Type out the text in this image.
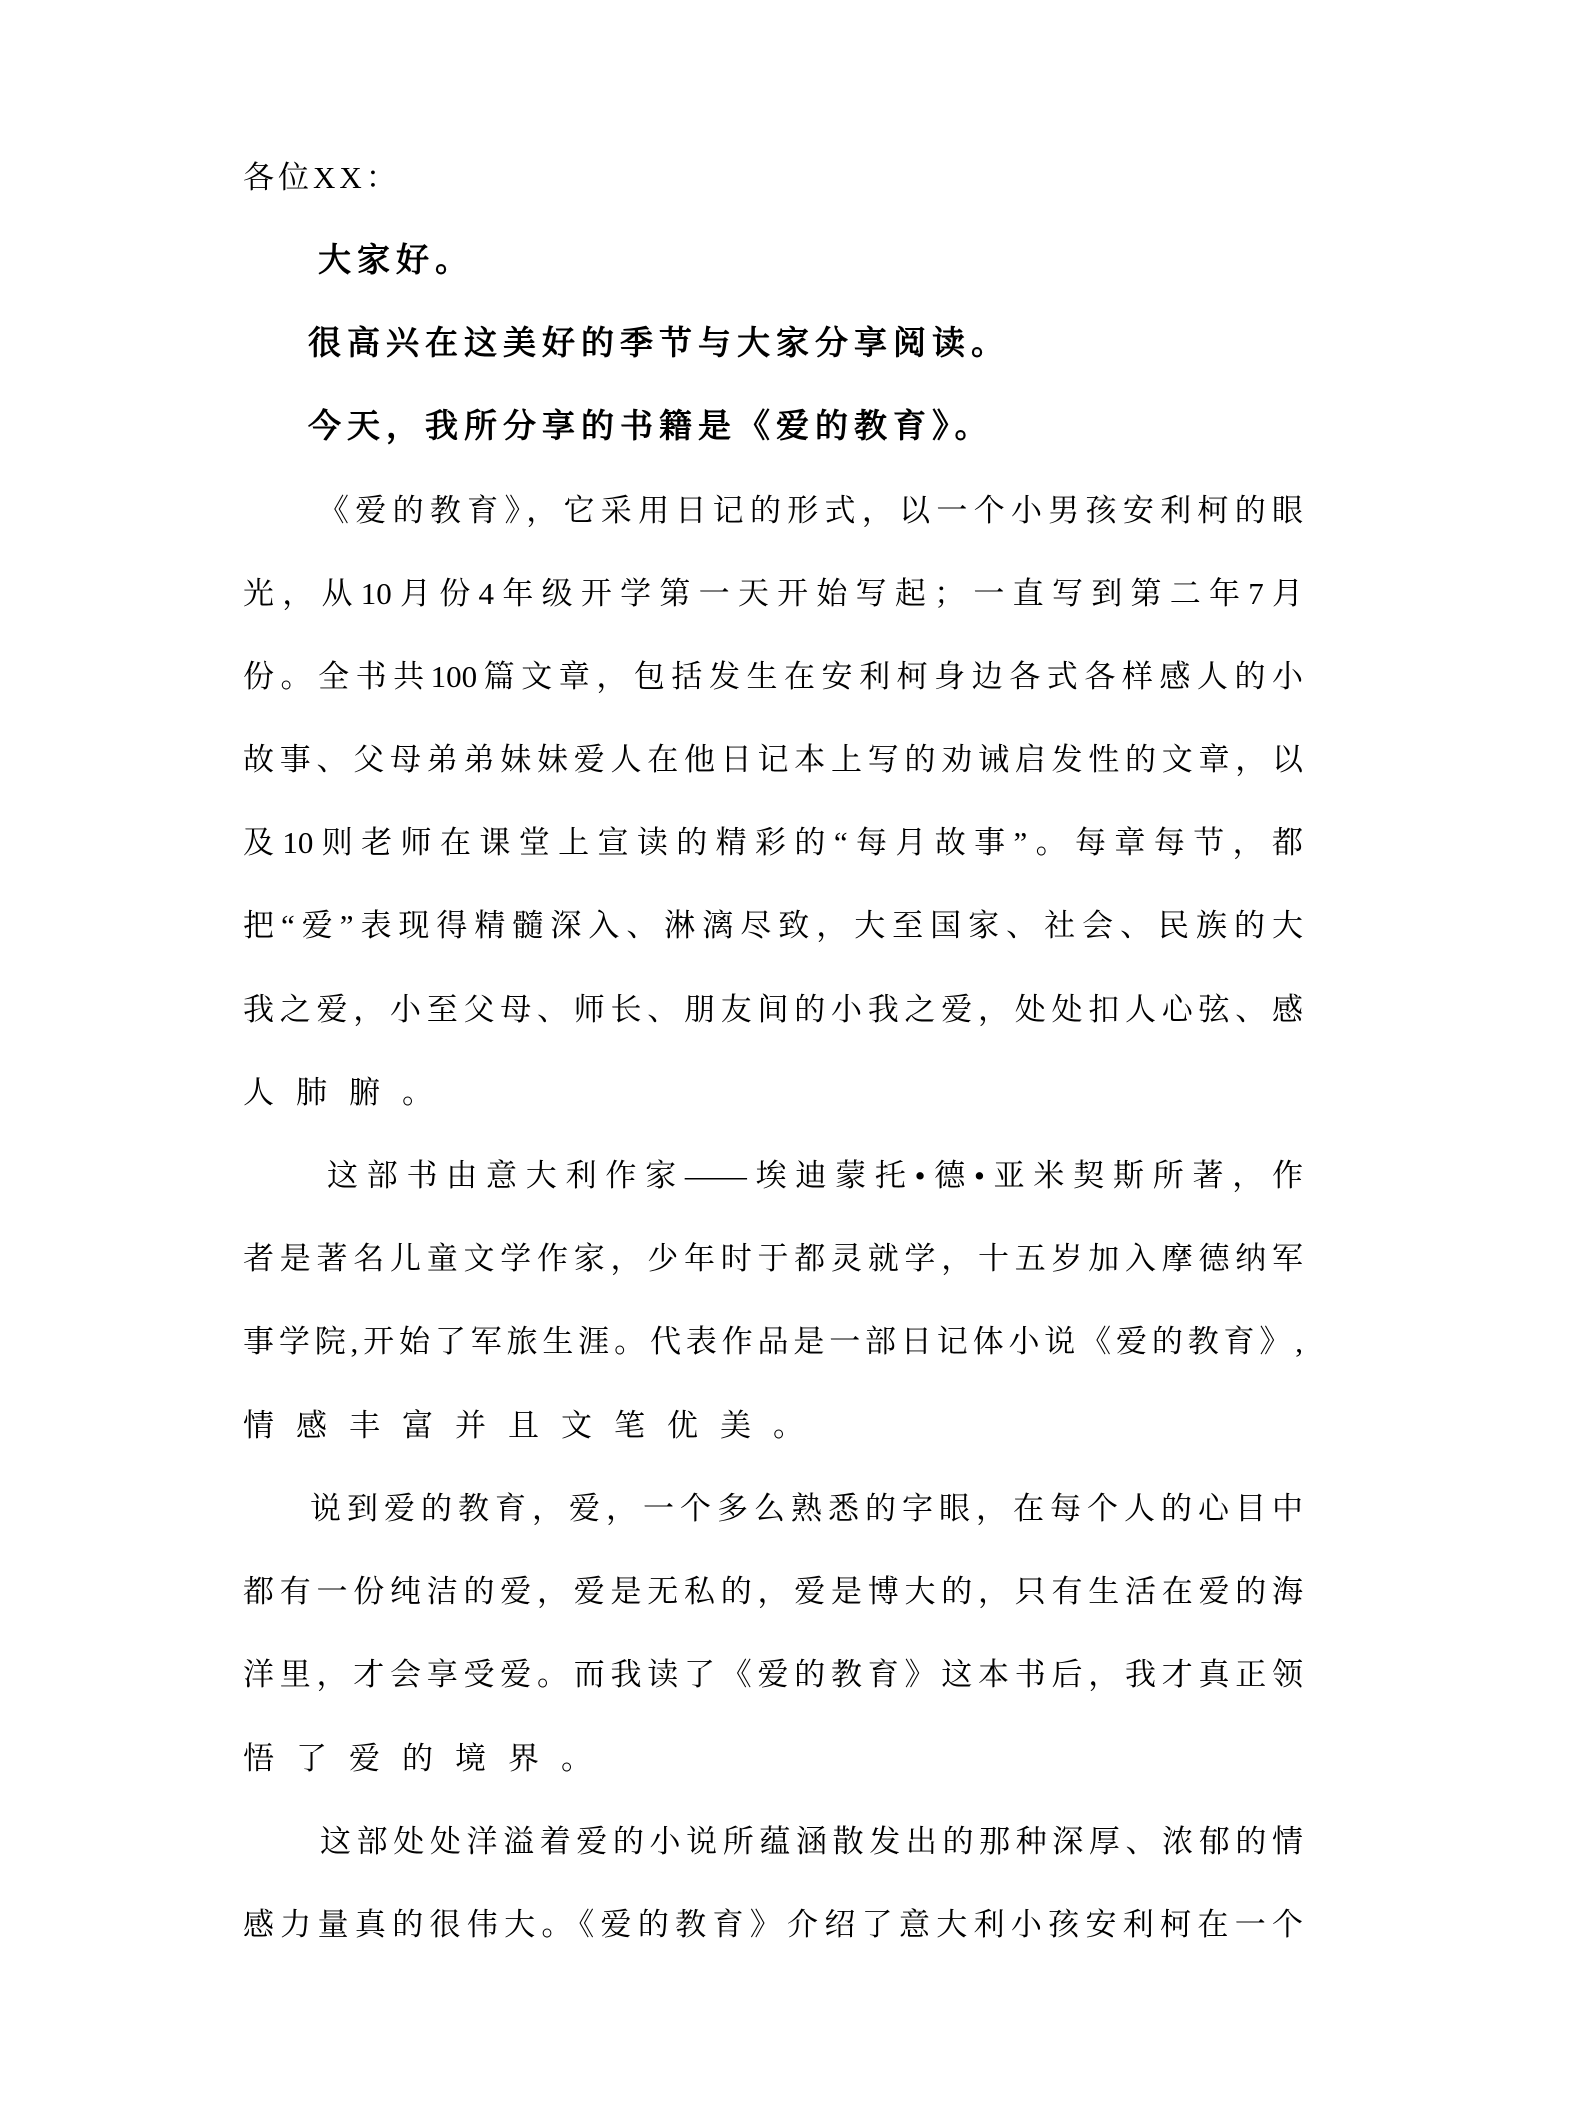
各位XX：
大家好。
很高兴在这美好的季节与大家分享阅读。
今天，我所分享的书籍是《爱的教育》。
《爱的教育》，它采用日记的形式，以一个小男孩安利柯的眼
光，从10月份4年级开学第一天开始写起；一直写到第二年7月
份。全书共100篇文章，包括发生在安利柯身边各式各样感人的小
故事、父母弟弟妹妹爱人在他日记本上写的劝诫启发性的文章，以
及10则老师在课堂上宣读的精彩的“每月故事”。每章每节，都
把“爱”表现得精髓深入、淋漓尽致，大至国家、社会、民族的大
我之爱，小至父母、师长、朋友间的小我之爱，处处扣人心弦、感
人肺腑。
这部书由意大利作家——埃迪蒙托•德•亚米契斯所著，作
者是著名儿童文学作家，少年时于都灵就学，十五岁加入摩德纳军
事学院,开始了军旅生涯。代表作品是一部日记体小说《爱的教育》,
情感丰富并且文笔优美。
说到爱的教育，爱，一个多么熟悉的字眼，在每个人的心目中
都有一份纯洁的爱，爱是无私的，爱是博大的，只有生活在爱的海
洋里，才会享受爱。而我读了《爱的教育》这本书后，我才真正领
悟了爱的境界。
这部处处洋溢着爱的小说所蕴涵散发出的那种深厚、浓郁的情
感力量真的很伟大。《爱的教育》介绍了意大利小孩安利柯在一个
